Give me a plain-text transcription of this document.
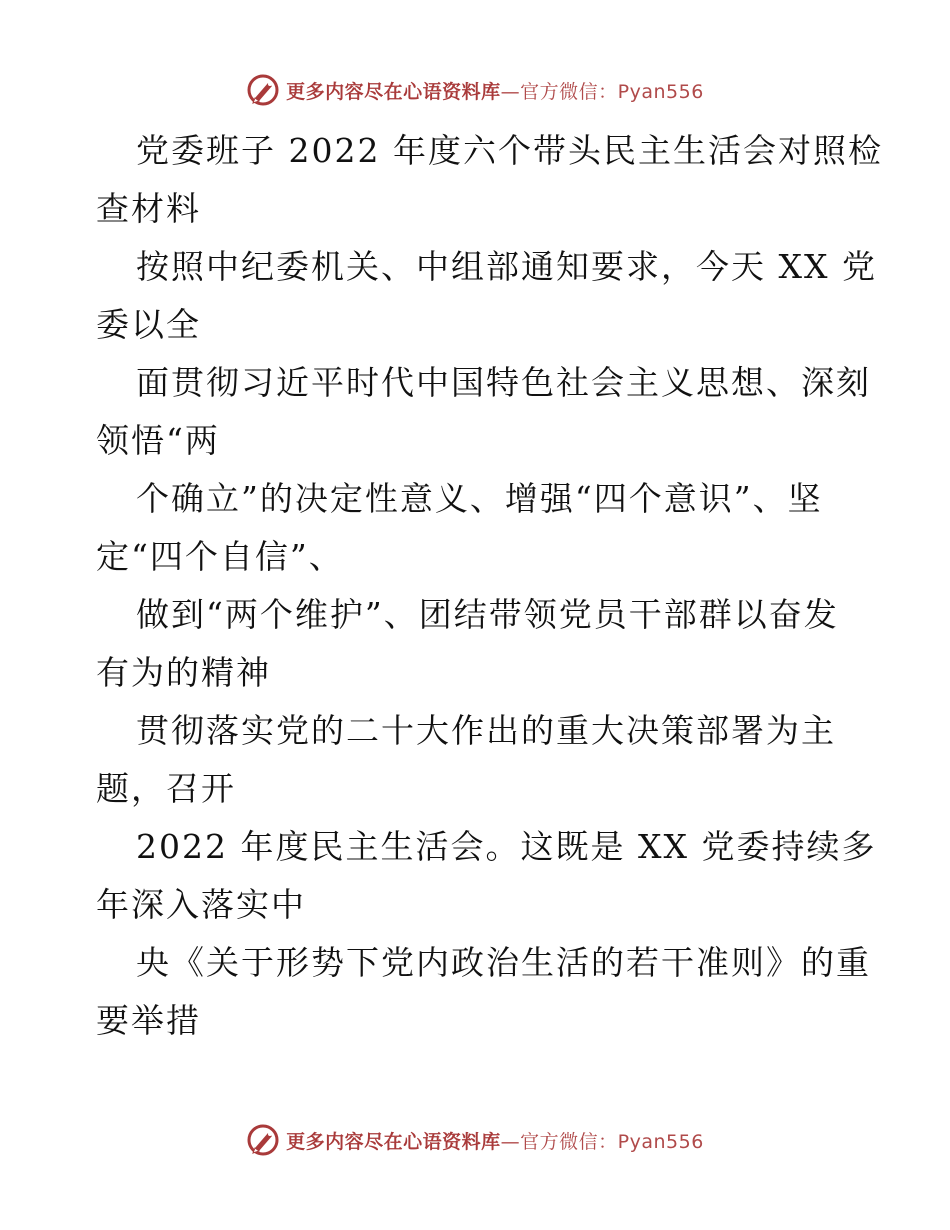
更多内容尽在心语资料库—官方微信：Pyan556
党委班子 2022 年度六个带头民主生活会对照检
查材料
按照中纪委机关、中组部通知要求，今天 XX 党
委以全
面贯彻习近平时代中国特色社会主义思想、深刻
领悟“两
个确立”的决定性意义、增强“四个意识”、坚
定“四个自信”、
做到“两个维护”、团结带领党员干部群以奋发
有为的精神
贯彻落实党的二十大作出的重大决策部署为主
题，召开
2022 年度民主生活会。这既是 XX 党委持续多
年深入落实中
央《关于形势下党内政治生活的若干准则》的重
要举措
更多内容尽在心语资料库—官方微信：Pyan556
